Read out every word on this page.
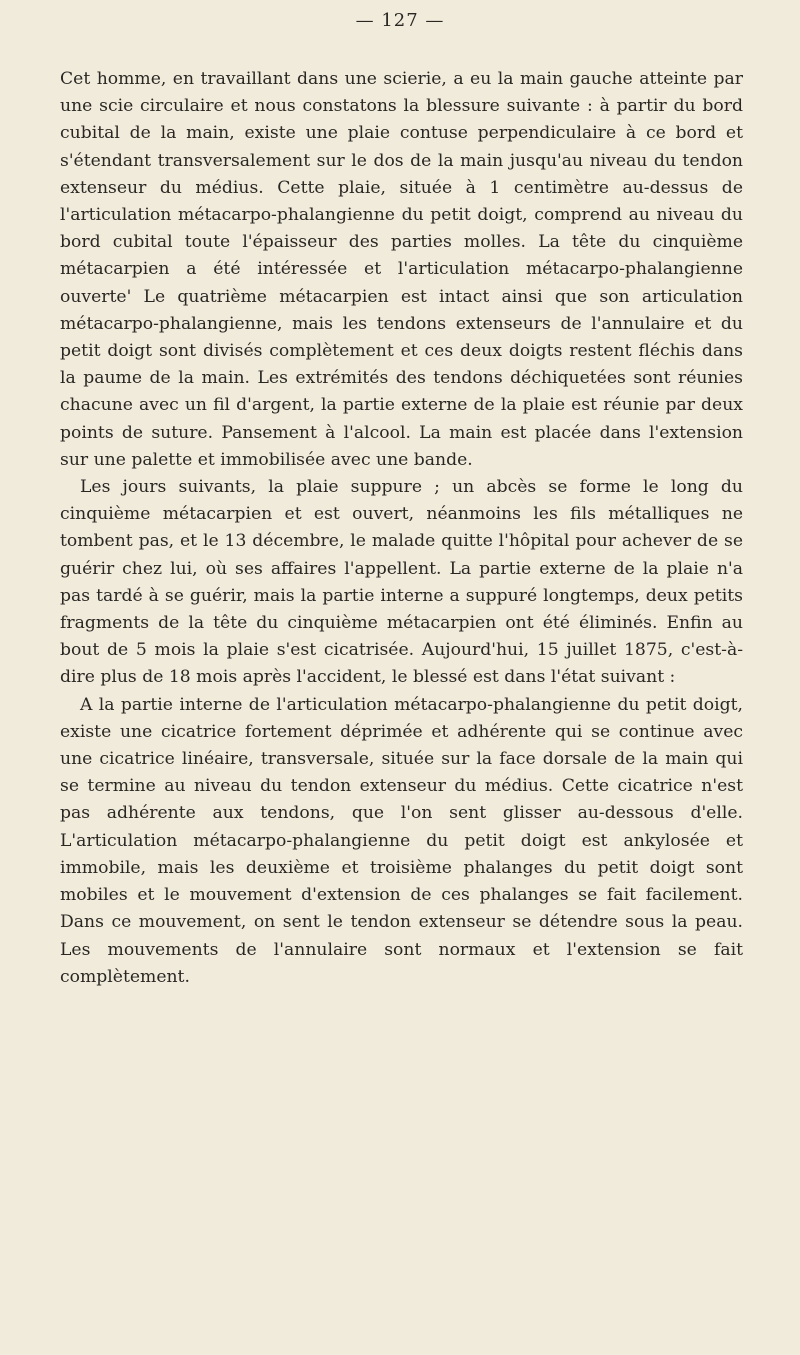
— 127 —

Cet homme, en travaillant dans une scierie, a eu la main gauche atteinte par une scie circulaire et nous constatons la blessure suivante : à partir du bord cubital de la main, existe une plaie contuse perpendiculaire à ce bord et s'étendant transversalement sur le dos de la main jusqu'au niveau du tendon extenseur du médius. Cette plaie, située à 1 centimètre au-dessus de l'articulation métacarpo-phalangienne du petit doigt, comprend au niveau du bord cubital toute l'épaisseur des parties molles. La tête du cinquième métacarpien a été intéressée et l'articulation métacarpo-phalangienne ouverte' Le quatrième métacarpien est intact ainsi que son articulation métacarpo-phalangienne, mais les tendons extenseurs de l'annulaire et du petit doigt sont divisés complètement et ces deux doigts restent fléchis dans la paume de la main. Les extrémités des tendons déchiquetées sont réunies chacune avec un fil d'argent, la partie externe de la plaie est réunie par deux points de suture. Pansement à l'alcool. La main est placée dans l'extension sur une palette et immobilisée avec une bande.

Les jours suivants, la plaie suppure ; un abcès se forme le long du cinquième métacarpien et est ouvert, néanmoins les fils métalliques ne tombent pas, et le 13 décembre, le malade quitte l'hôpital pour achever de se guérir chez lui, où ses affaires l'appellent. La partie externe de la plaie n'a pas tardé à se guérir, mais la partie interne a suppuré longtemps, deux petits fragments de la tête du cinquième métacarpien ont été éliminés. Enfin au bout de 5 mois la plaie s'est cicatrisée. Aujourd'hui, 15 juillet 1875, c'est-à-dire plus de 18 mois après l'accident, le blessé est dans l'état suivant :

A la partie interne de l'articulation métacarpo-phalangienne du petit doigt, existe une cicatrice fortement déprimée et adhérente qui se continue avec une cicatrice linéaire, transversale, située sur la face dorsale de la main qui se termine au niveau du tendon extenseur du médius. Cette cicatrice n'est pas adhérente aux tendons, que l'on sent glisser au-dessous d'elle. L'articulation métacarpo-phalangienne du petit doigt est ankylosée et immobile, mais les deuxième et troisième phalanges du petit doigt sont mobiles et le mouvement d'extension de ces phalanges se fait facilement. Dans ce mouvement, on sent le tendon extenseur se détendre sous la peau. Les mouvements de l'annulaire sont normaux et l'extension se fait complètement.
